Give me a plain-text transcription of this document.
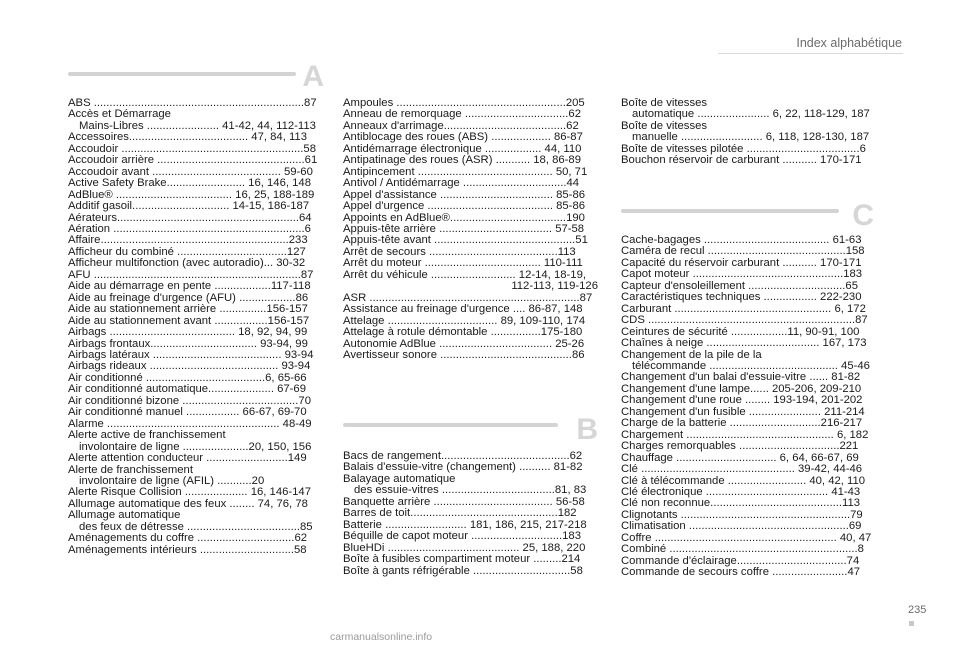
Index alphabétique
A
ABS ...................................................................87
Accès et Démarrage
Mains-Libres ....................... 41-42, 44, 112-113
Accessoires...................................... 47, 84, 113
Accoudoir ..........................................................58
Accoudoir arrière ...............................................61
Accoudoir avant ......................................... 59-60
Active Safety Brake......................... 16, 146, 148
AdBlue® ..................................... 16, 25, 188-189
Additif gasoil............................... 14-15, 186-187
Aérateurs..........................................................64
Aération .............................................................6
Affaire............................................................233
Afficheur du combiné ...................................127
Afficheur multifonction (avec autoradio)... 30-32
AFU ..................................................................87
Aide au démarrage en pente ..................117-118
Aide au freinage d'urgence (AFU) ..................86
Aide au stationnement arrière ...............156-157
Aide au stationnement avant .................156-157
Airbags ........................................ 18, 92, 94, 99
Airbags frontaux.................................. 93-94, 99
Airbags latéraux ......................................... 93-94
Airbags rideaux ......................................... 93-94
Air conditionné ......................................6, 65-66
Air conditionné automatique..................... 67-69
Air conditionné bizone .....................................70
Air conditionné manuel ................. 66-67, 69-70
Alarme ....................................................... 48-49
Alerte active de franchissement
involontaire de ligne .....................20, 150, 156
Alerte attention conducteur ..........................149
Alerte de franchissement
involontaire de ligne (AFIL) ...........20
Alerte Risque Collision .................... 16, 146-147
Allumage automatique des feux ........ 74, 76, 78
Allumage automatique
des feux de détresse ....................................85
Aménagements du coffre ...............................62
Aménagements intérieurs ..............................58
Ampoules ......................................................205
Anneau de remorquage .................................62
Anneaux d'arrimage.......................................62
Antiblocage des roues (ABS) ................... 86-87
Antidémarrage électronique .................. 44, 110
Antipatinage des roues (ASR) ........... 18, 86-89
Antipincement ........................................... 50, 71
Antivol / Antidémarrage .................................44
Appel d'assistance .................................... 85-86
Appel d'urgence ........................................ 85-86
Appoints en AdBlue®.....................................190
Appuis-tête arrière .................................... 57-58
Appuis-tête avant .............................................51
Arrêt de secours .........................................113
Arrêt du moteur ..................................... 110-111
Arrêt du véhicule ........................... 12-14, 18-19,
112-113, 119-126
ASR ...................................................................87
Assistance au freinage d'urgence .... 86-87, 148
Attelage ................................... 89, 109-110, 174
Attelage à rotule démontable ................175-180
Autonomie AdBlue .................................... 25-26
Avertisseur sonore ..........................................86
B
Bacs de rangement.........................................62
Balais d'essuie-vitre (changement) .......... 81-82
Balayage automatique
des essuie-vitres ....................................81, 83
Banquette arrière ...................................... 56-58
Barres de toit...............................................182
Batterie .......................... 181, 186, 215, 217-218
Béquille de capot moteur .............................183
BlueHDi .......................................... 25, 188, 220
Boîte à fusibles compartiment moteur .........214
Boîte à gants réfrigérable ...............................58
Boîte de vitesses
automatique ....................... 6, 22, 118-129, 187
Boîte de vitesses
manuelle .......................... 6, 118, 128-130, 187
Boîte de vitesses pilotée ....................................6
Bouchon réservoir de carburant ........... 170-171
C
Cache-bagages ........................................ 61-63
Caméra de recul ............................................158
Capacité du réservoir carburant ........... 170-171
Capot moteur ................................................183
Capteur d'ensoleillement ...............................65
Caractéristiques techniques ................. 222-230
Carburant .................................................. 6, 172
CDS ..................................................................87
Ceintures de sécurité ..................11, 90-91, 100
Chaînes à neige .................................... 167, 173
Changement de la pile de la
télécommande ......................................... 45-46
Changement d'un balai d'essuie-vitre ...... 81-82
Changement d'une lampe...... 205-206, 209-210
Changement d'une roue ........ 193-194, 201-202
Changement d'un fusible ....................... 211-214
Charge de la batterie .............................216-217
Chargement ............................................... 6, 182
Charges remorquables ................................221
Chauffage ................................ 6, 64, 66-67, 69
Clé ................................................. 39-42, 44-46
Clé à télécommande ......................... 40, 42, 110
Clé électronique ....................................... 41-43
Clé non reconnue..........................................113
Clignotants ......................................................79
Climatisation ...................................................69
Coffre .......................................................... 40, 47
Combiné ............................................................8
Commande d'éclairage...................................74
Commande de secours coffre ........................47
235
carmanualsonline.info
